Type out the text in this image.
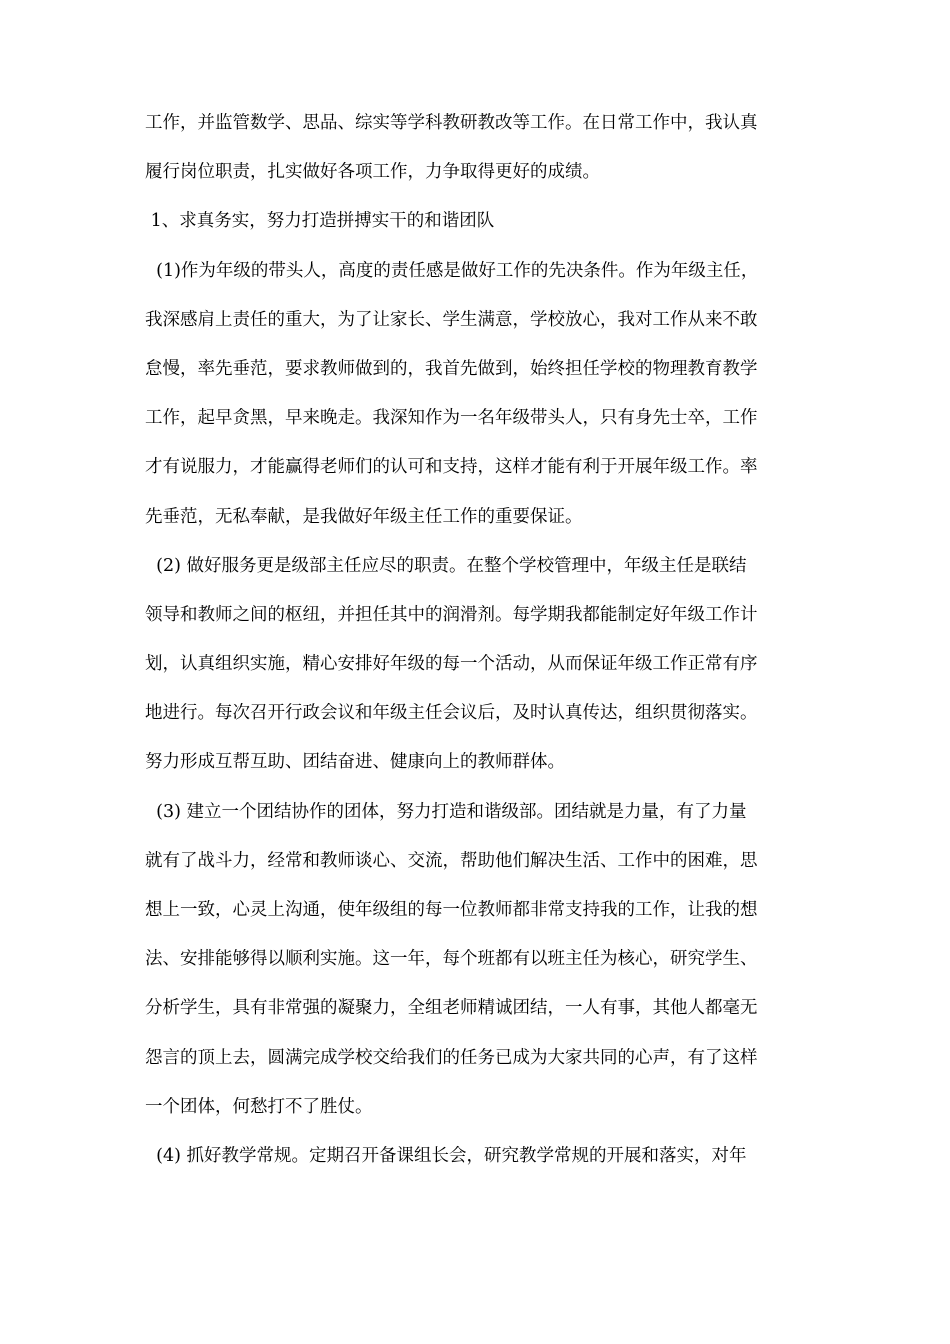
工作，并监管数学、思品、综实等学科教研教改等工作。在日常工作中，我认真
履行岗位职责，扎实做好各项工作，力争取得更好的成绩。
1、求真务实，努力打造拼搏实干的和谐团队
(1)作为年级的带头人，高度的责任感是做好工作的先决条件。作为年级主任，
我深感肩上责任的重大，为了让家长、学生满意，学校放心，我对工作从来不敢
怠慢，率先垂范，要求教师做到的，我首先做到，始终担任学校的物理教育教学
工作，起早贪黑，早来晚走。我深知作为一名年级带头人，只有身先士卒，工作
才有说服力，才能赢得老师们的认可和支持，这样才能有利于开展年级工作。率
先垂范，无私奉献，是我做好年级主任工作的重要保证。
(2) 做好服务更是级部主任应尽的职责。在整个学校管理中，年级主任是联结
领导和教师之间的枢纽，并担任其中的润滑剂。每学期我都能制定好年级工作计
划，认真组织实施，精心安排好年级的每一个活动，从而保证年级工作正常有序
地进行。每次召开行政会议和年级主任会议后，及时认真传达，组织贯彻落实。
努力形成互帮互助、团结奋进、健康向上的教师群体。
(3) 建立一个团结协作的团体，努力打造和谐级部。团结就是力量，有了力量
就有了战斗力，经常和教师谈心、交流，帮助他们解决生活、工作中的困难，思
想上一致，心灵上沟通，使年级组的每一位教师都非常支持我的工作，让我的想
法、安排能够得以顺利实施。这一年，每个班都有以班主任为核心，研究学生、
分析学生，具有非常强的凝聚力，全组老师精诚团结，一人有事，其他人都毫无
怨言的顶上去，圆满完成学校交给我们的任务已成为大家共同的心声，有了这样
一个团体，何愁打不了胜仗。
(4) 抓好教学常规。定期召开备课组长会，研究教学常规的开展和落实，对年
